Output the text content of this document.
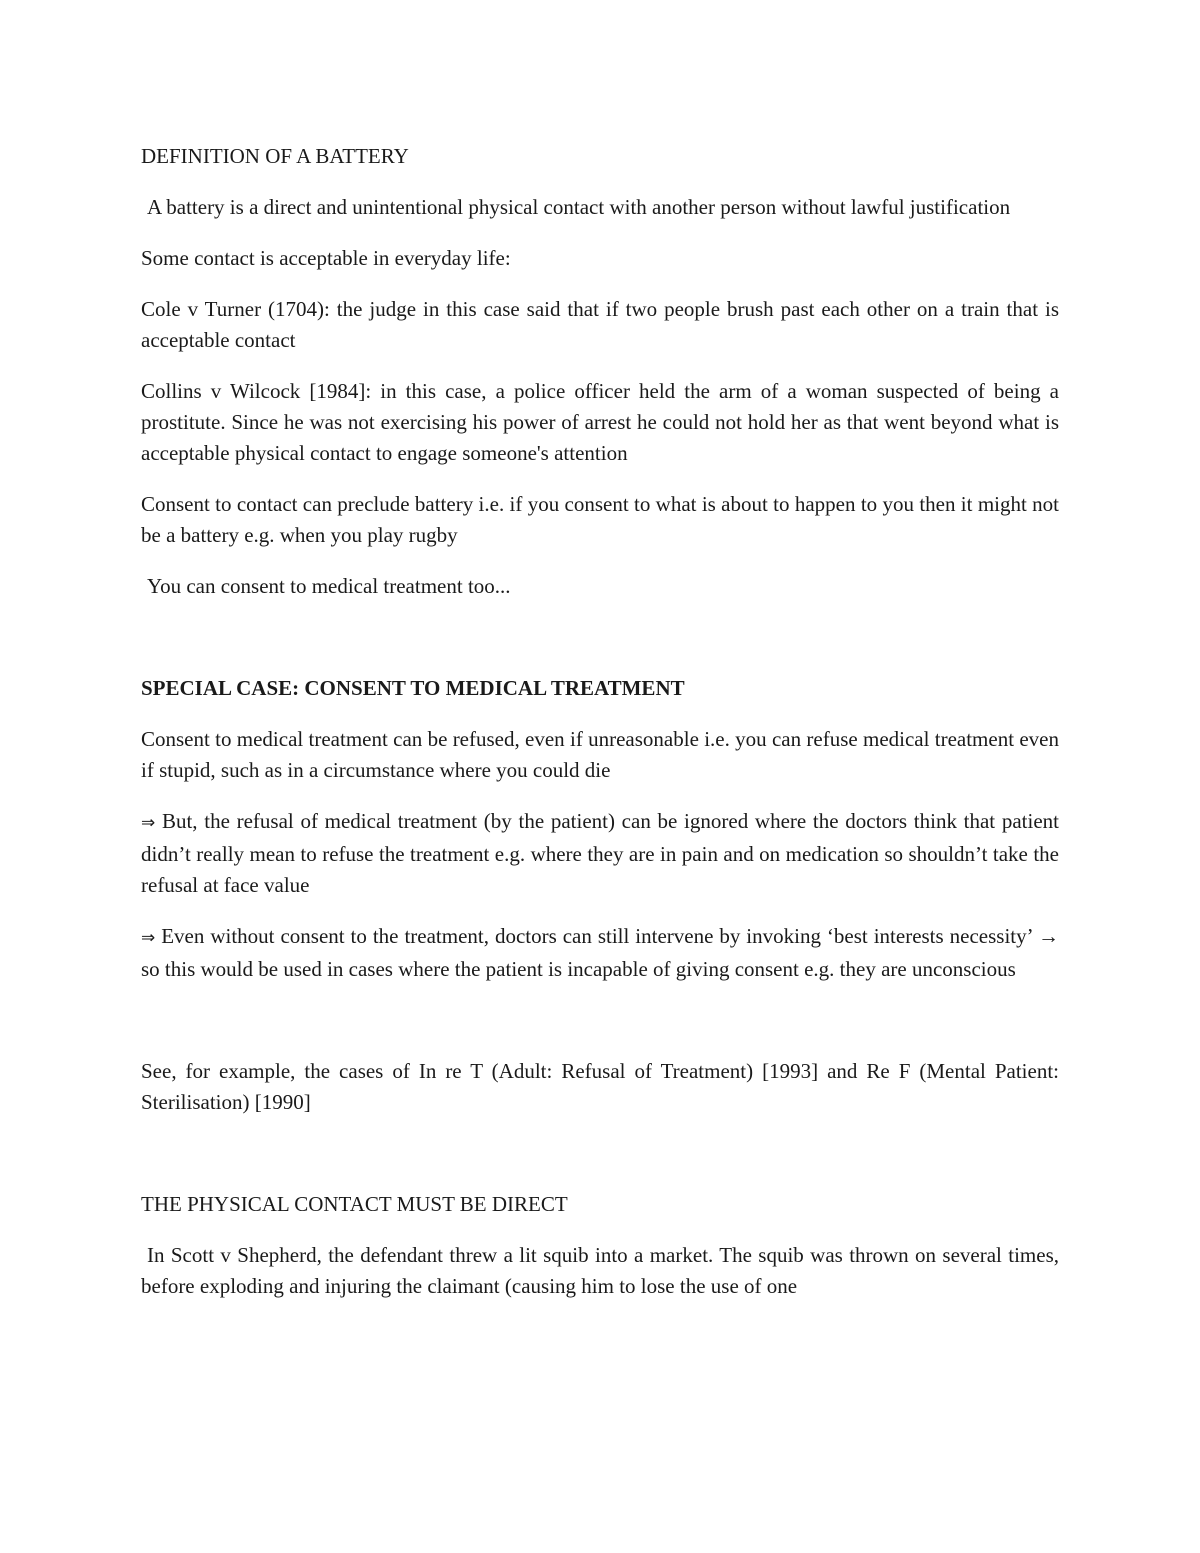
DEFINITION OF A BATTERY

A battery is a direct and unintentional physical contact with another person without lawful justification

Some contact is acceptable in everyday life:

Cole v Turner (1704): the judge in this case said that if two people brush past each other on a train that is acceptable contact

Collins v Wilcock [1984]: in this case, a police officer held the arm of a woman suspected of being a prostitute. Since he was not exercising his power of arrest he could not hold her as that went beyond what is acceptable physical contact to engage someone's attention

Consent to contact can preclude battery i.e. if you consent to what is about to happen to you then it might not be a battery e.g. when you play rugby

You can consent to medical treatment too...

SPECIAL CASE: CONSENT TO MEDICAL TREATMENT

Consent to medical treatment can be refused, even if unreasonable i.e. you can refuse medical treatment even if stupid, such as in a circumstance where you could die

⇒ But, the refusal of medical treatment (by the patient) can be ignored where the doctors think that patient didn’t really mean to refuse the treatment e.g. where they are in pain and on medication so shouldn’t take the refusal at face value

⇒ Even without consent to the treatment, doctors can still intervene by invoking ‘best interests necessity’ → so this would be used in cases where the patient is incapable of giving consent e.g. they are unconscious

See, for example, the cases of In re T (Adult: Refusal of Treatment) [1993] and Re F (Mental Patient: Sterilisation) [1990]

THE PHYSICAL CONTACT MUST BE DIRECT

In Scott v Shepherd, the defendant threw a lit squib into a market. The squib was thrown on several times, before exploding and injuring the claimant (causing him to lose the use of one
